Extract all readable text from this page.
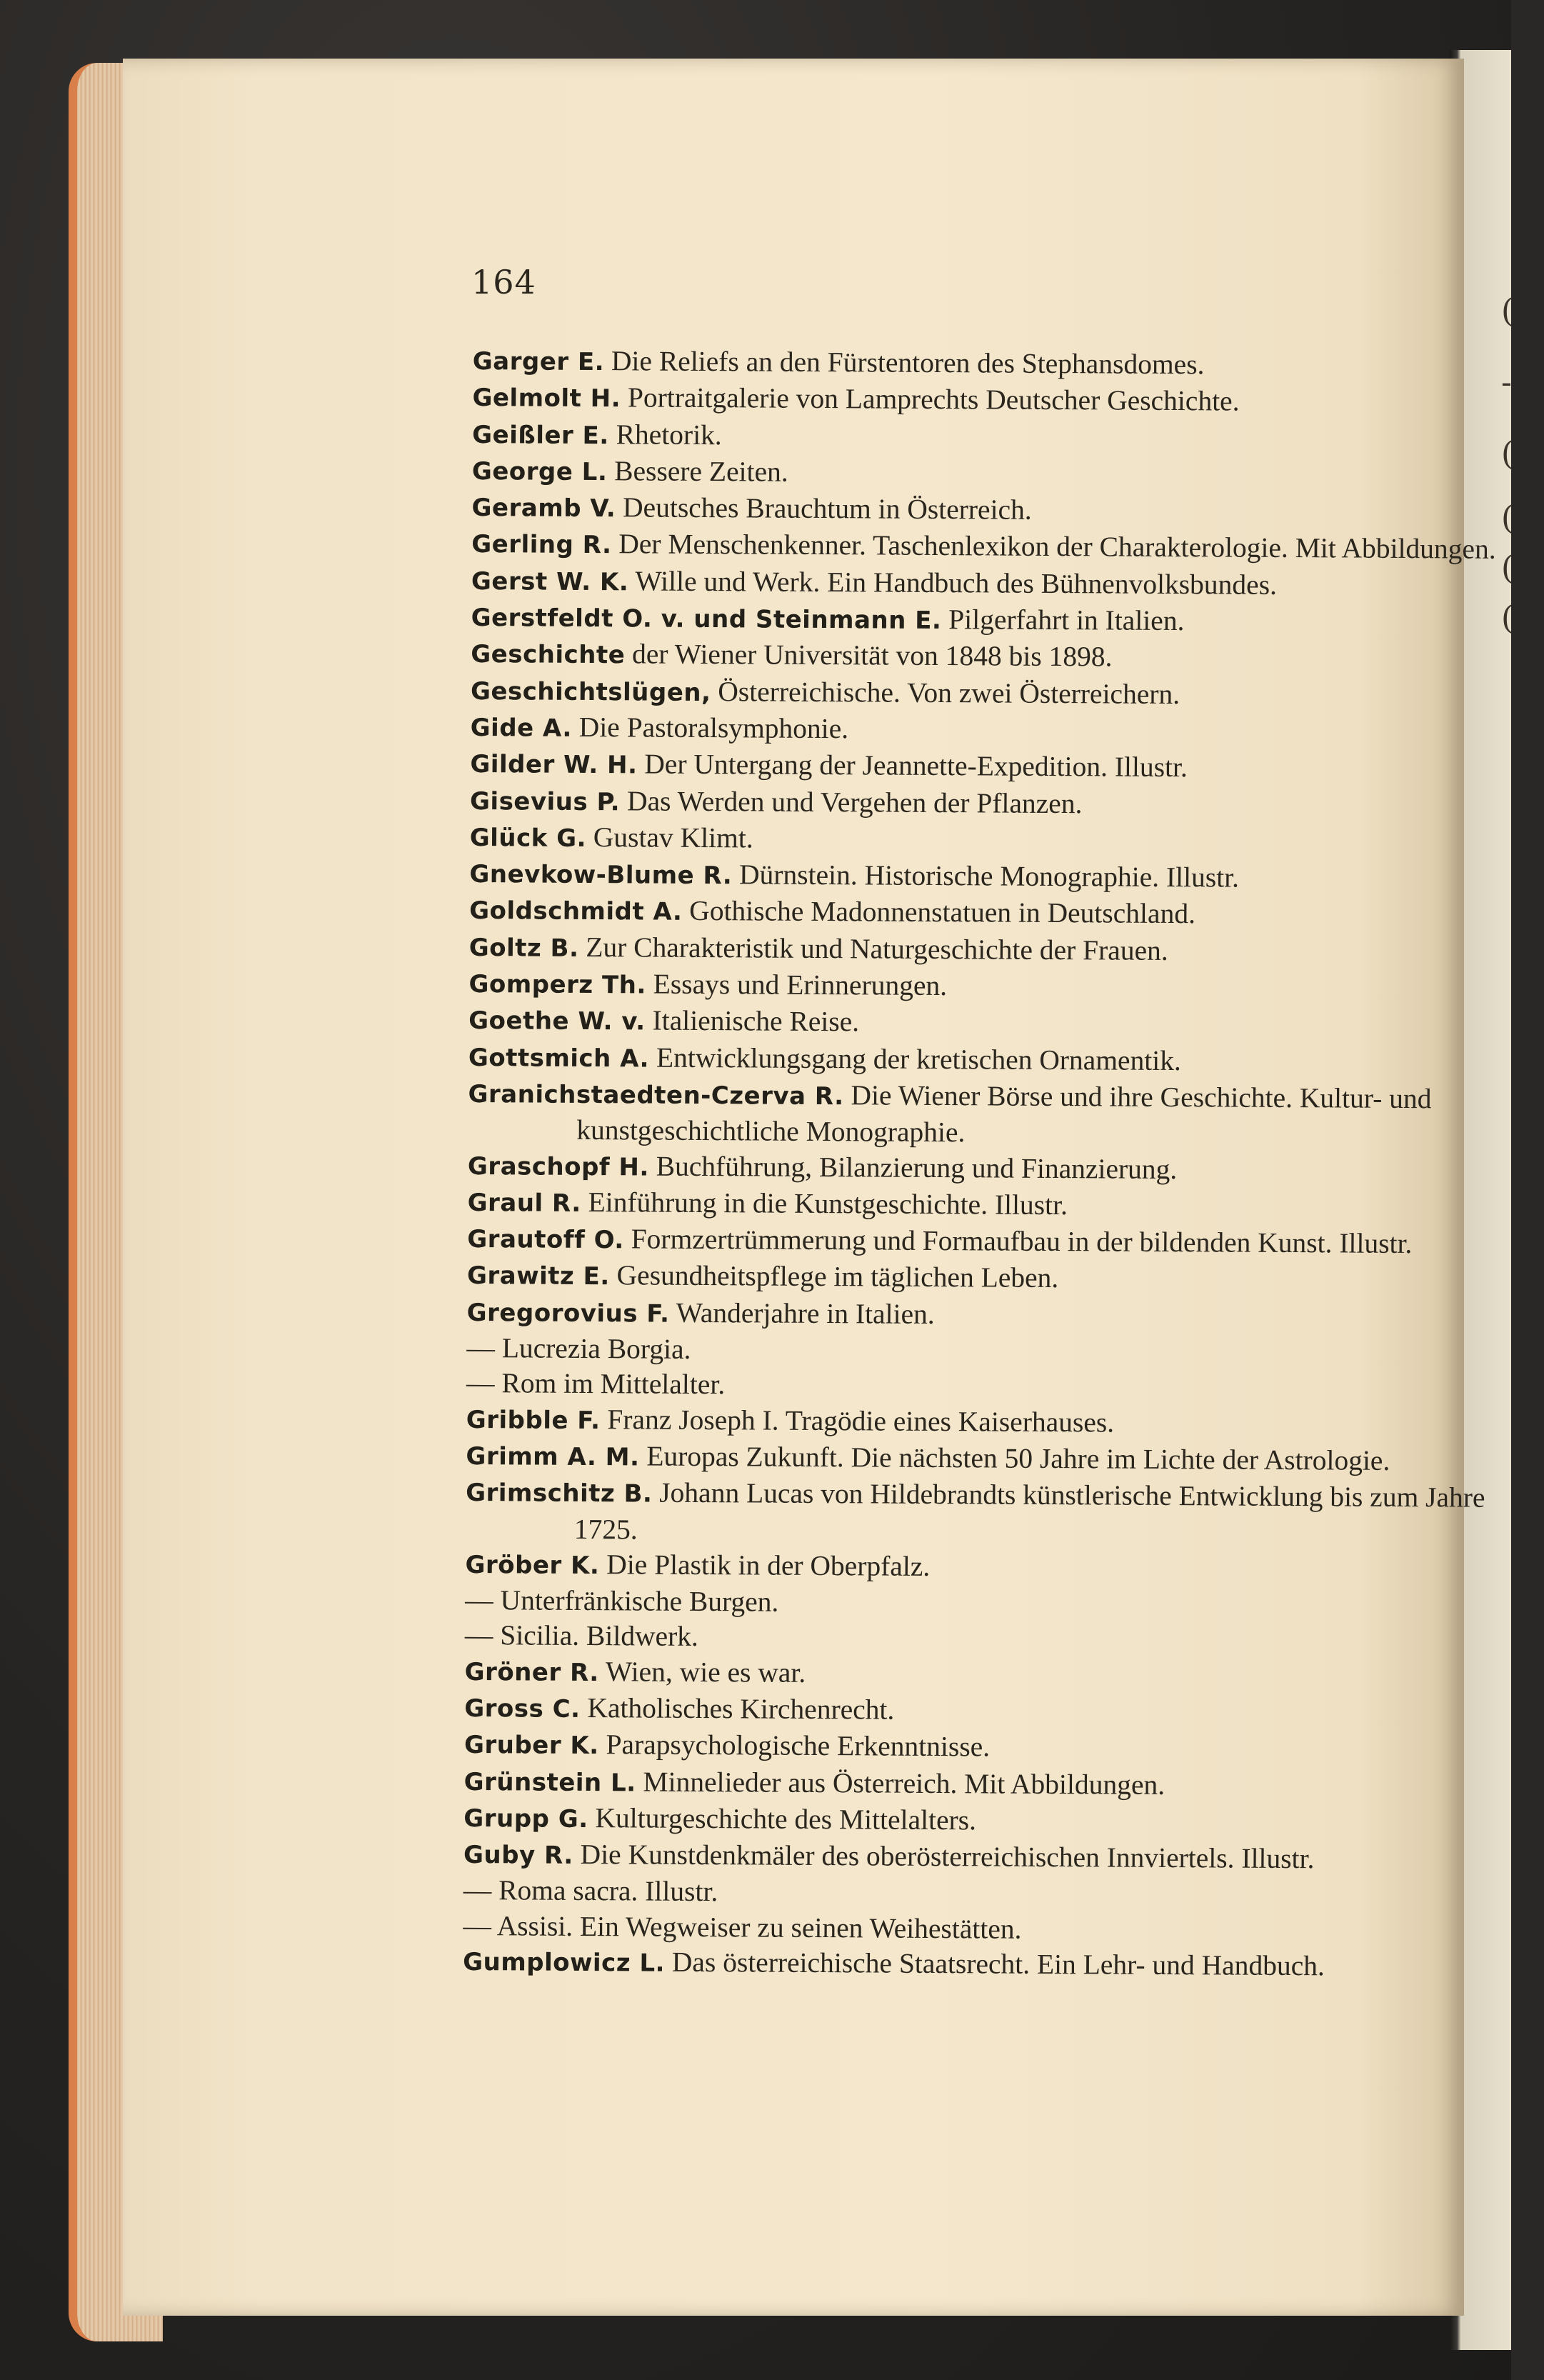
(
-
(
(
(
(
164
Garger E. Die Reliefs an den Fürstentoren des Stephansdomes.
Gelmolt H. Portraitgalerie von Lamprechts Deutscher Geschichte.
Geißler E. Rhetorik.
George L. Bessere Zeiten.
Geramb V. Deutsches Brauchtum in Österreich.
Gerling R. Der Menschenkenner. Taschenlexikon der Charakterologie. Mit Abbildungen.
Gerst W. K. Wille und Werk. Ein Handbuch des Bühnenvolksbundes.
Gerstfeldt O. v. und Steinmann E. Pilgerfahrt in Italien.
Geschichte der Wiener Universität von 1848 bis 1898.
Geschichtslügen, Österreichische. Von zwei Österreichern.
Gide A. Die Pastoralsymphonie.
Gilder W. H. Der Untergang der Jeannette-Expedition. Illustr.
Gisevius P. Das Werden und Vergehen der Pflanzen.
Glück G. Gustav Klimt.
Gnevkow-Blume R. Dürnstein. Historische Monographie. Illustr.
Goldschmidt A. Gothische Madonnenstatuen in Deutschland.
Goltz B. Zur Charakteristik und Naturgeschichte der Frauen.
Gomperz Th. Essays und Erinnerungen.
Goethe W. v. Italienische Reise.
Gottsmich A. Entwicklungsgang der kretischen Ornamentik.
Granichstaedten-Czerva R. Die Wiener Börse und ihre Geschichte. Kultur- und kunstgeschichtliche Monographie.
Graschopf H. Buchführung, Bilanzierung und Finanzierung.
Graul R. Einführung in die Kunstgeschichte. Illustr.
Grautoff O. Formzertrümmerung und Formaufbau in der bildenden Kunst. Illustr.
Grawitz E. Gesundheitspflege im täglichen Leben.
Gregorovius F. Wanderjahre in Italien.
— Lucrezia Borgia.
— Rom im Mittelalter.
Gribble F. Franz Joseph I. Tragödie eines Kaiserhauses.
Grimm A. M. Europas Zukunft. Die nächsten 50 Jahre im Lichte der Astrologie.
Grimschitz B. Johann Lucas von Hildebrandts künstlerische Entwicklung bis zum Jahre 1725.
Gröber K. Die Plastik in der Oberpfalz.
— Unterfränkische Burgen.
— Sicilia. Bildwerk.
Gröner R. Wien, wie es war.
Gross C. Katholisches Kirchenrecht.
Gruber K. Parapsychologische Erkenntnisse.
Grünstein L. Minnelieder aus Österreich. Mit Abbildungen.
Grupp G. Kulturgeschichte des Mittelalters.
Guby R. Die Kunstdenkmäler des oberösterreichischen Innviertels. Illustr.
— Roma sacra. Illustr.
— Assisi. Ein Wegweiser zu seinen Weihestätten.
Gumplowicz L. Das österreichische Staatsrecht. Ein Lehr- und Handbuch.
